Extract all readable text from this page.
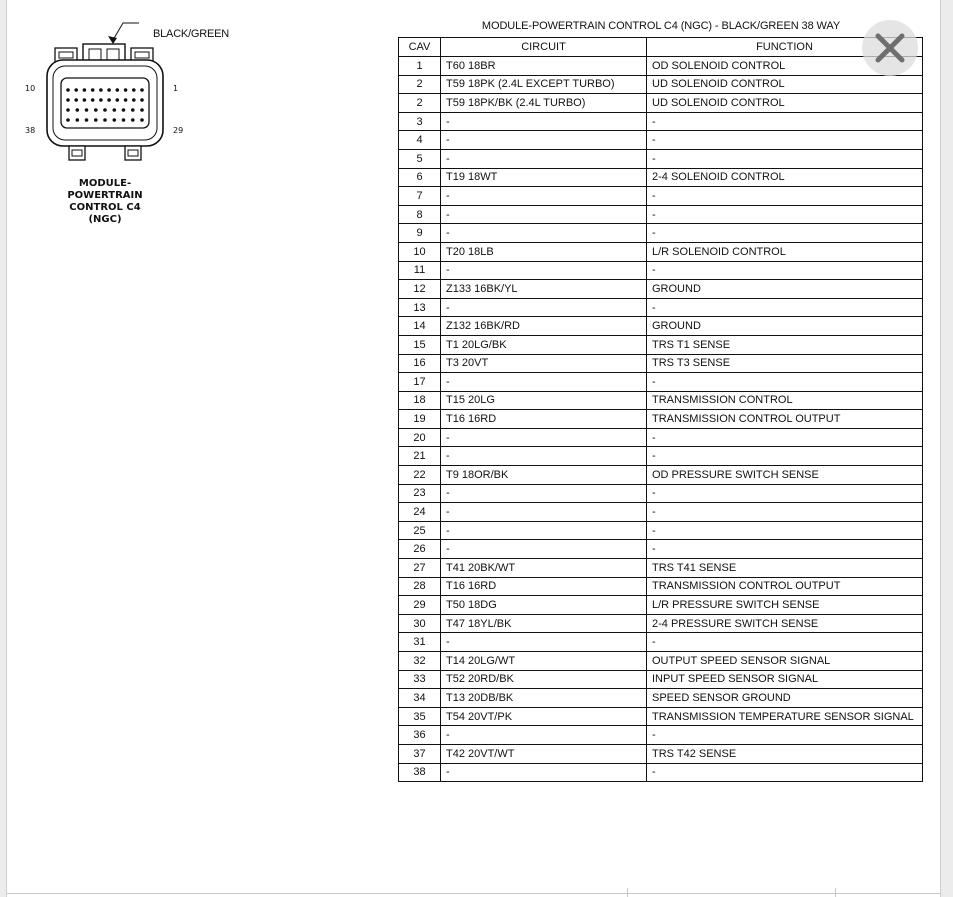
BLACK/GREEN
10	1
38	29
MODULE-
POWERTRAIN
CONTROL C4
(NGC)
MODULE-POWERTRAIN CONTROL C4 (NGC) - BLACK/GREEN 38 WAY
CAV	CIRCUIT	FUNCTION
1	T60 18BR	OD SOLENOID CONTROL
2	T59 18PK (2.4L EXCEPT TURBO)	UD SOLENOID CONTROL
2	T59 18PK/BK (2.4L TURBO)	UD SOLENOID CONTROL
3	-	-
4	-	-
5	-	-
6	T19 18WT	2-4 SOLENOID CONTROL
7	-	-
8	-	-
9	-	-
10	T20 18LB	L/R SOLENOID CONTROL
11	-	-
12	Z133 16BK/YL	GROUND
13	-	-
14	Z132 16BK/RD	GROUND
15	T1 20LG/BK	TRS T1 SENSE
16	T3 20VT	TRS T3 SENSE
17	-	-
18	T15 20LG	TRANSMISSION CONTROL
19	T16 16RD	TRANSMISSION CONTROL OUTPUT
20	-	-
21	-	-
22	T9 18OR/BK	OD PRESSURE SWITCH SENSE
23	-	-
24	-	-
25	-	-
26	-	-
27	T41 20BK/WT	TRS T41 SENSE
28	T16 16RD	TRANSMISSION CONTROL OUTPUT
29	T50 18DG	L/R PRESSURE SWITCH SENSE
30	T47 18YL/BK	2-4 PRESSURE SWITCH SENSE
31	-	-
32	T14 20LG/WT	OUTPUT SPEED SENSOR SIGNAL
33	T52 20RD/BK	INPUT SPEED SENSOR SIGNAL
34	T13 20DB/BK	SPEED SENSOR GROUND
35	T54 20VT/PK	TRANSMISSION TEMPERATURE SENSOR SIGNAL
36	-	-
37	T42 20VT/WT	TRS T42 SENSE
38	-	-
